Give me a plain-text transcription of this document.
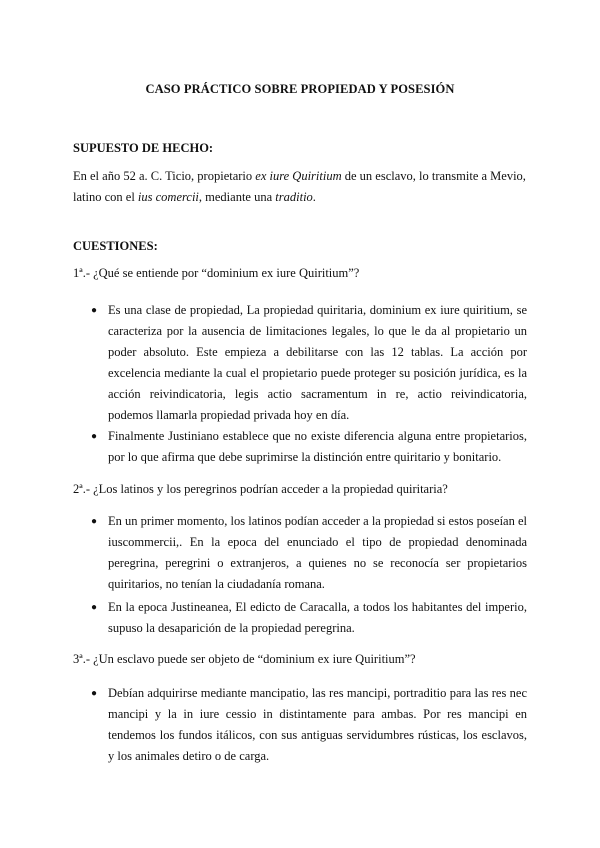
CASO PRÁCTICO SOBRE PROPIEDAD Y POSESIÓN
SUPUESTO DE HECHO:
En el año 52 a. C. Ticio, propietario ex iure Quiritium de un esclavo, lo transmite a Mevio, latino con el ius comercii, mediante una traditio.
CUESTIONES:
1ª.- ¿Qué se entiende por “dominium ex iure Quiritium”?
● Es una clase de propiedad, La propiedad quiritaria, dominium ex iure quiritium, se caracteriza por la ausencia de limitaciones legales, lo que le da al propietario un poder absoluto. Este empieza a debilitarse con las 12 tablas. La acción por excelencia mediante la cual el propietario puede proteger su posición jurídica, es la acción reivindicatoria, legis actio sacramentum in re, actio reivindicatoria, podemos llamarla propiedad privada hoy en día.
● Finalmente Justiniano establece que no existe diferencia alguna entre propietarios, por lo que afirma que debe suprimirse la distinción entre quiritario y bonitario.
2ª.- ¿Los latinos y los peregrinos podrían acceder a la propiedad quiritaria?
● En un primer momento, los latinos podían acceder a la propiedad si estos poseían el iuscommercii,. En la epoca del enunciado el tipo de propiedad denominada peregrina, peregrini o extranjeros, a quienes no se reconocía ser propietarios quiritarios, no tenían la ciudadanía romana.
● En la epoca Justineanea, El edicto de Caracalla, a todos los habitantes del imperio, supuso la desaparición de la propiedad peregrina.
3ª.- ¿Un esclavo puede ser objeto de “dominium ex iure Quiritium”?
● Debían adquirirse mediante mancipatio, las res mancipi, portraditio para las res nec mancipi y la in iure cessio in distintamente para ambas. Por res mancipi en tendemos los fundos itálicos, con sus antiguas servidumbres rústicas, los esclavos, y los animales detiro o de carga.
